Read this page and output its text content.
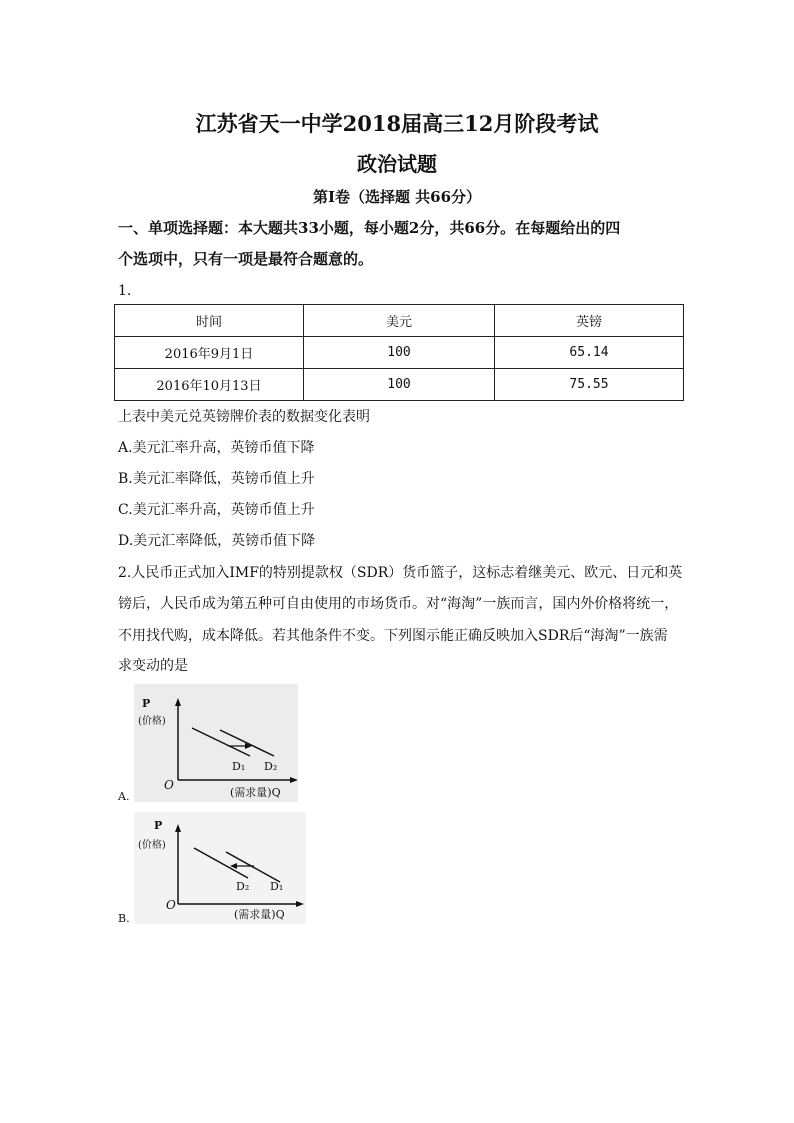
江苏省天一中学2018届高三12月阶段考试
政治试题
第Ⅰ卷（选择题 共66分）
一、单项选择题：本大题共33小题，每小题2分，共66分。在每题给出的四
个选项中，只有一项是最符合题意的。
1.
时间	美元	英镑
2016年9月1日	100	65.14
2016年10月13日	100	75.55
上表中美元兑英镑牌价表的数据变化表明
A.美元汇率升高，英镑币值下降
B.美元汇率降低，英镑币值上升
C.美元汇率升高，英镑币值上升
D.美元汇率降低，英镑币值下降
2.人民币正式加入IMF的特别提款权（SDR）货币篮子，这标志着继美元、欧元、日元和英
镑后，人民币成为第五种可自由使用的市场货币。对“海淘”一族而言，国内外价格将统一，
不用找代购，成本降低。若其他条件不变。下列图示能正确反映加入SDR后“海淘”一族需
求变动的是
P
(价格)
O
D₁ D₂
(需求量)Q
A.
P
(价格)
O
D₂ D₁
(需求量)Q
B.
